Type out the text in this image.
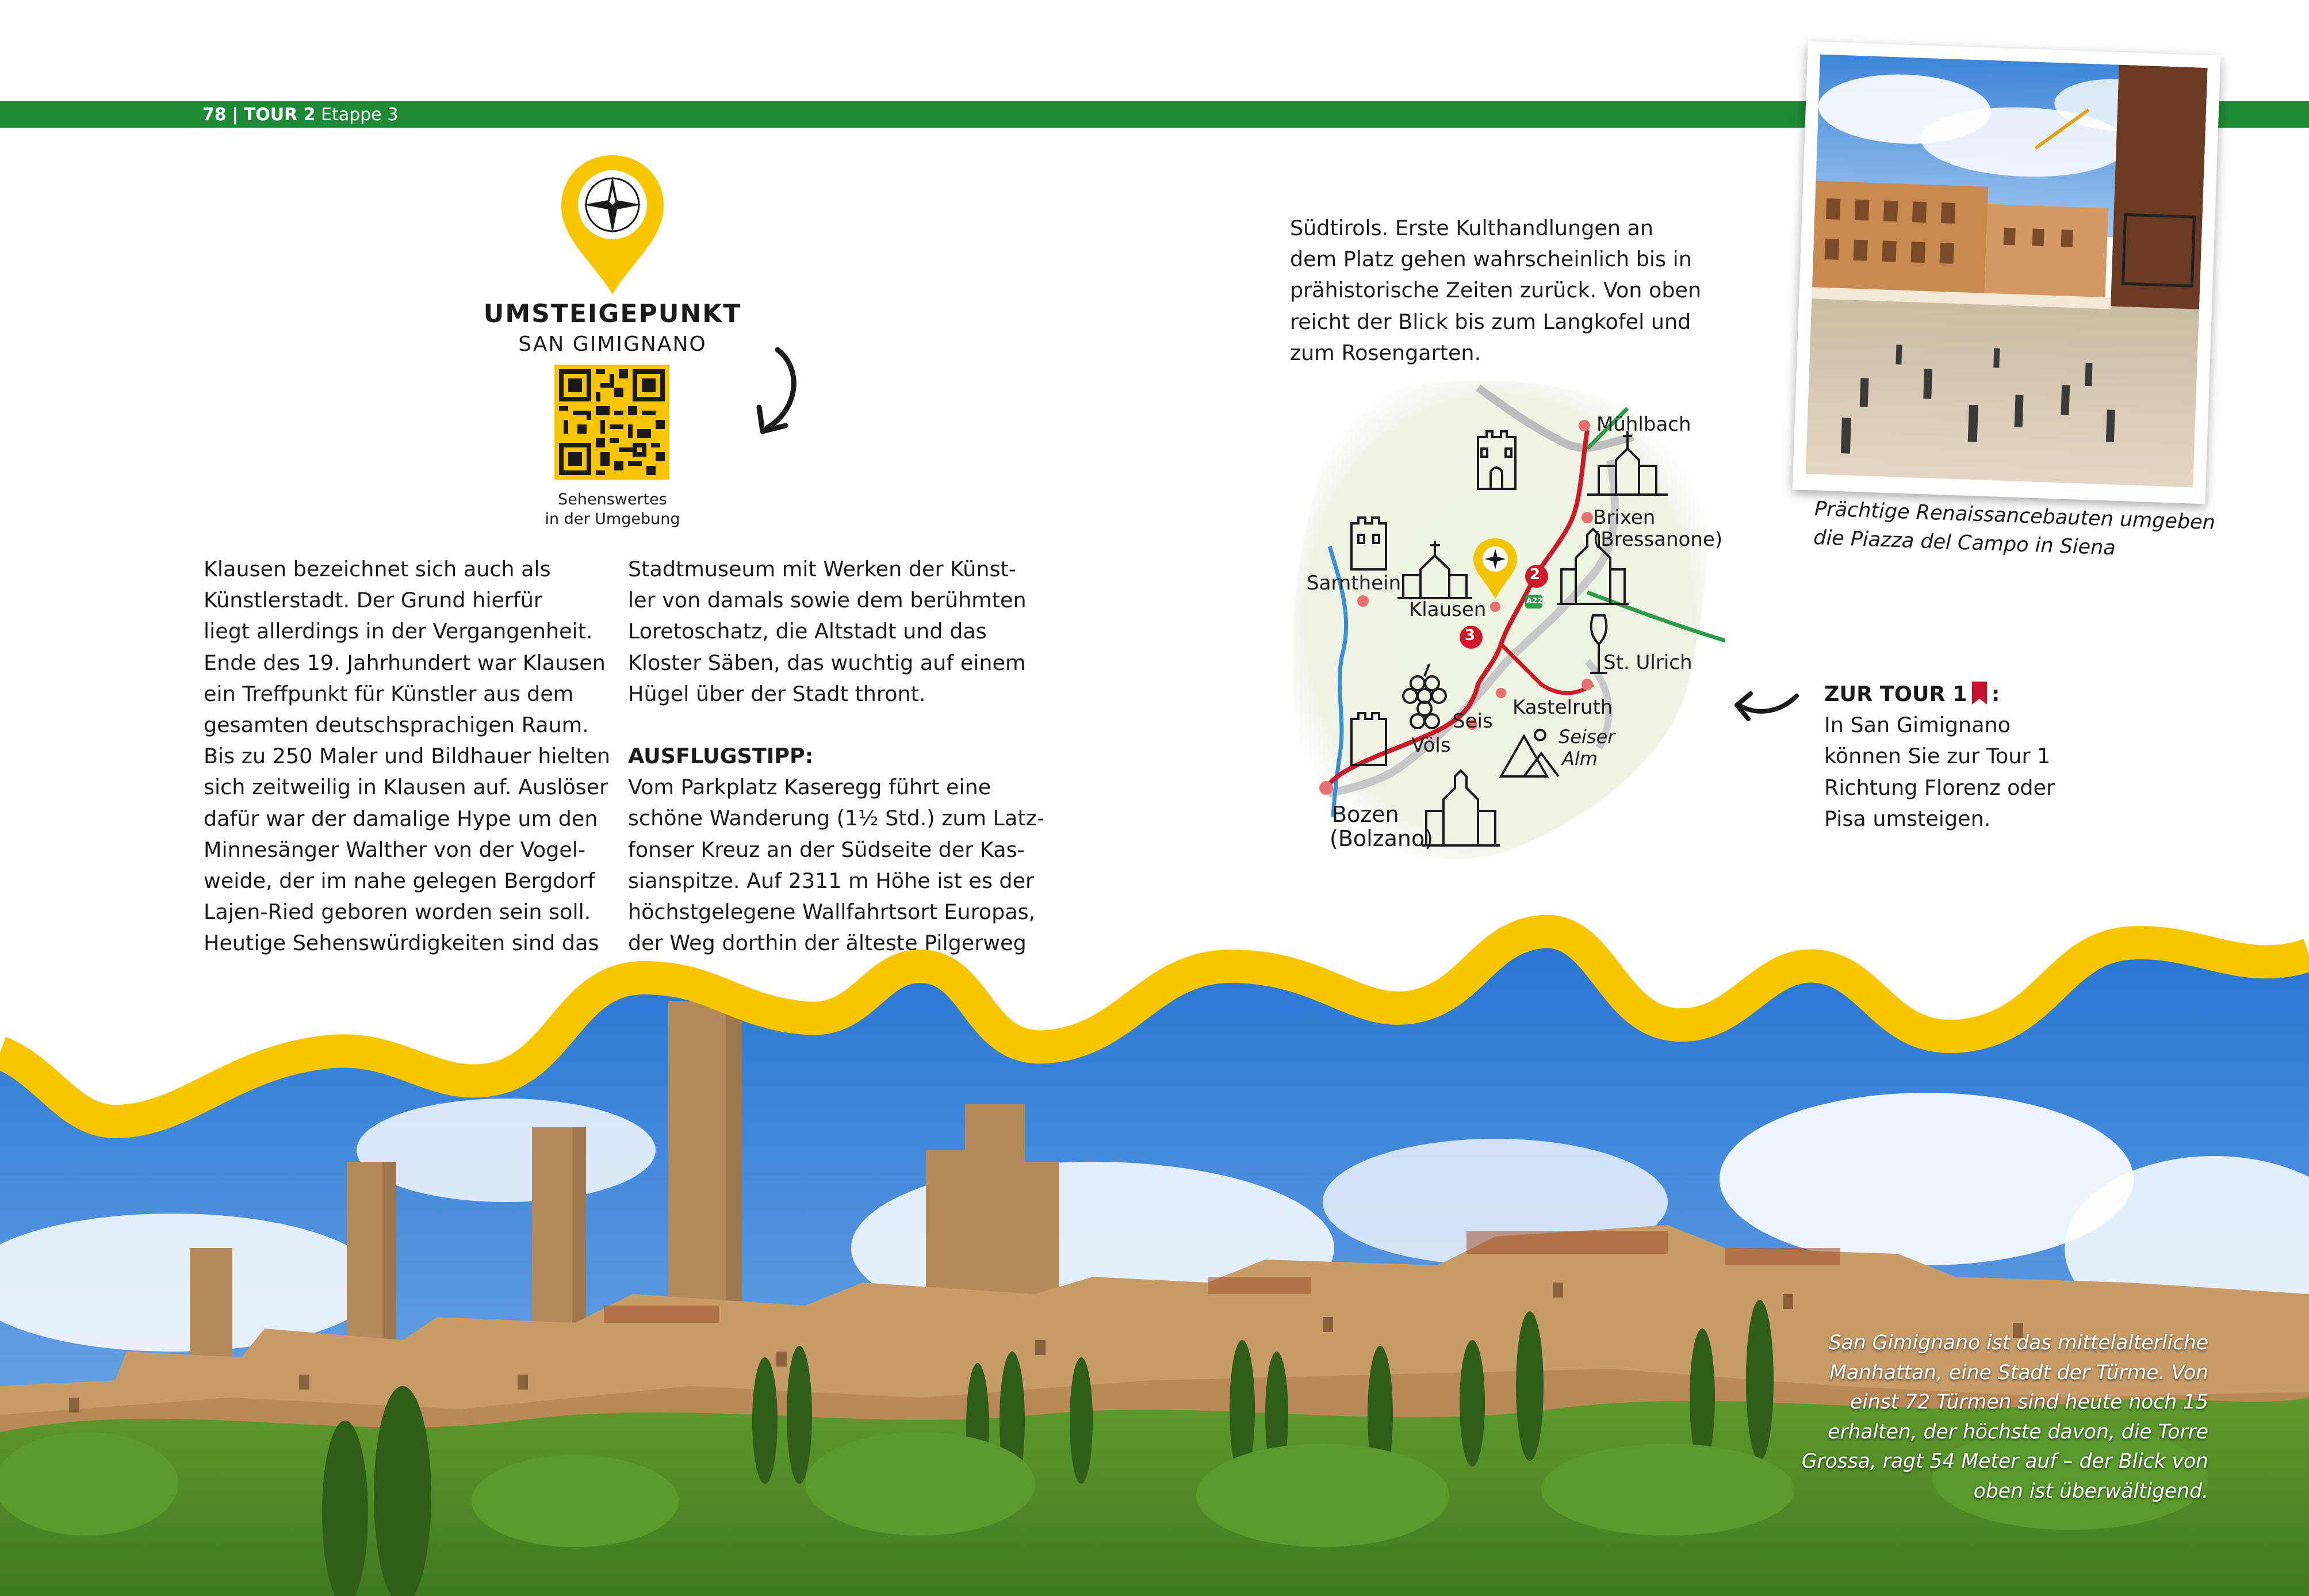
78 | TOUR 2 Etappe 3
UMSTEIGEPUNKT
SAN GIMIGNANO
Sehenswertes
in der Umgebung
Klausen bezeichnet sich auch als
Künstlerstadt. Der Grund hierfür
liegt allerdings in der Vergangenheit.
Ende des 19. Jahrhundert war Klausen
ein Treffpunkt für Künstler aus dem
gesamten deutschsprachigen Raum.
Bis zu 250 Maler und Bildhauer hielten
sich zeitweilig in Klausen auf. Auslöser
dafür war der damalige Hype um den
Minnesänger Walther von der Vogel-
weide, der im nahe gelegen Bergdorf
Lajen-Ried geboren worden sein soll.
Heutige Sehenswürdigkeiten sind das
Stadtmuseum mit Werken der Künst-
ler von damals sowie dem berühmten
Loretoschatz, die Altstadt und das
Kloster Säben, das wuchtig auf einem
Hügel über der Stadt thront.
AUSFLUGSTIPP:
Vom Parkplatz Kaseregg führt eine
schöne Wanderung (1½ Std.) zum Latz-
fonser Kreuz an der Südseite der Kas-
sianspitze. Auf 2311 m Höhe ist es der
höchstgelegene Wallfahrtsort Europas,
der Weg dorthin der älteste Pilgerweg
Südtirols. Erste Kulthandlungen an
dem Platz gehen wahrscheinlich bis in
prähistorische Zeiten zurück. Von oben
reicht der Blick bis zum Langkofel und
zum Rosengarten.
Mühlbach
Brixen
(Bressanone)
Sarnthein
Klausen
St. Ulrich
Kastelruth
Seis
Völs	Seiser
Alm
Bozen
(Bolzano)
2
3
A22
Prächtige Renaissancebauten umgeben
die Piazza del Campo in Siena
ZUR TOUR 1 :
In San Gimignano
können Sie zur Tour 1
Richtung Florenz oder
Pisa umsteigen.
San Gimignano ist das mittelalterliche Manhattan, eine Stadt der Türme. Von einst 72 Türmen sind heute noch 15 erhalten, der höchste davon, die Torre Grossa, ragt 54 Meter auf – der Blick von oben ist überwältigend.
